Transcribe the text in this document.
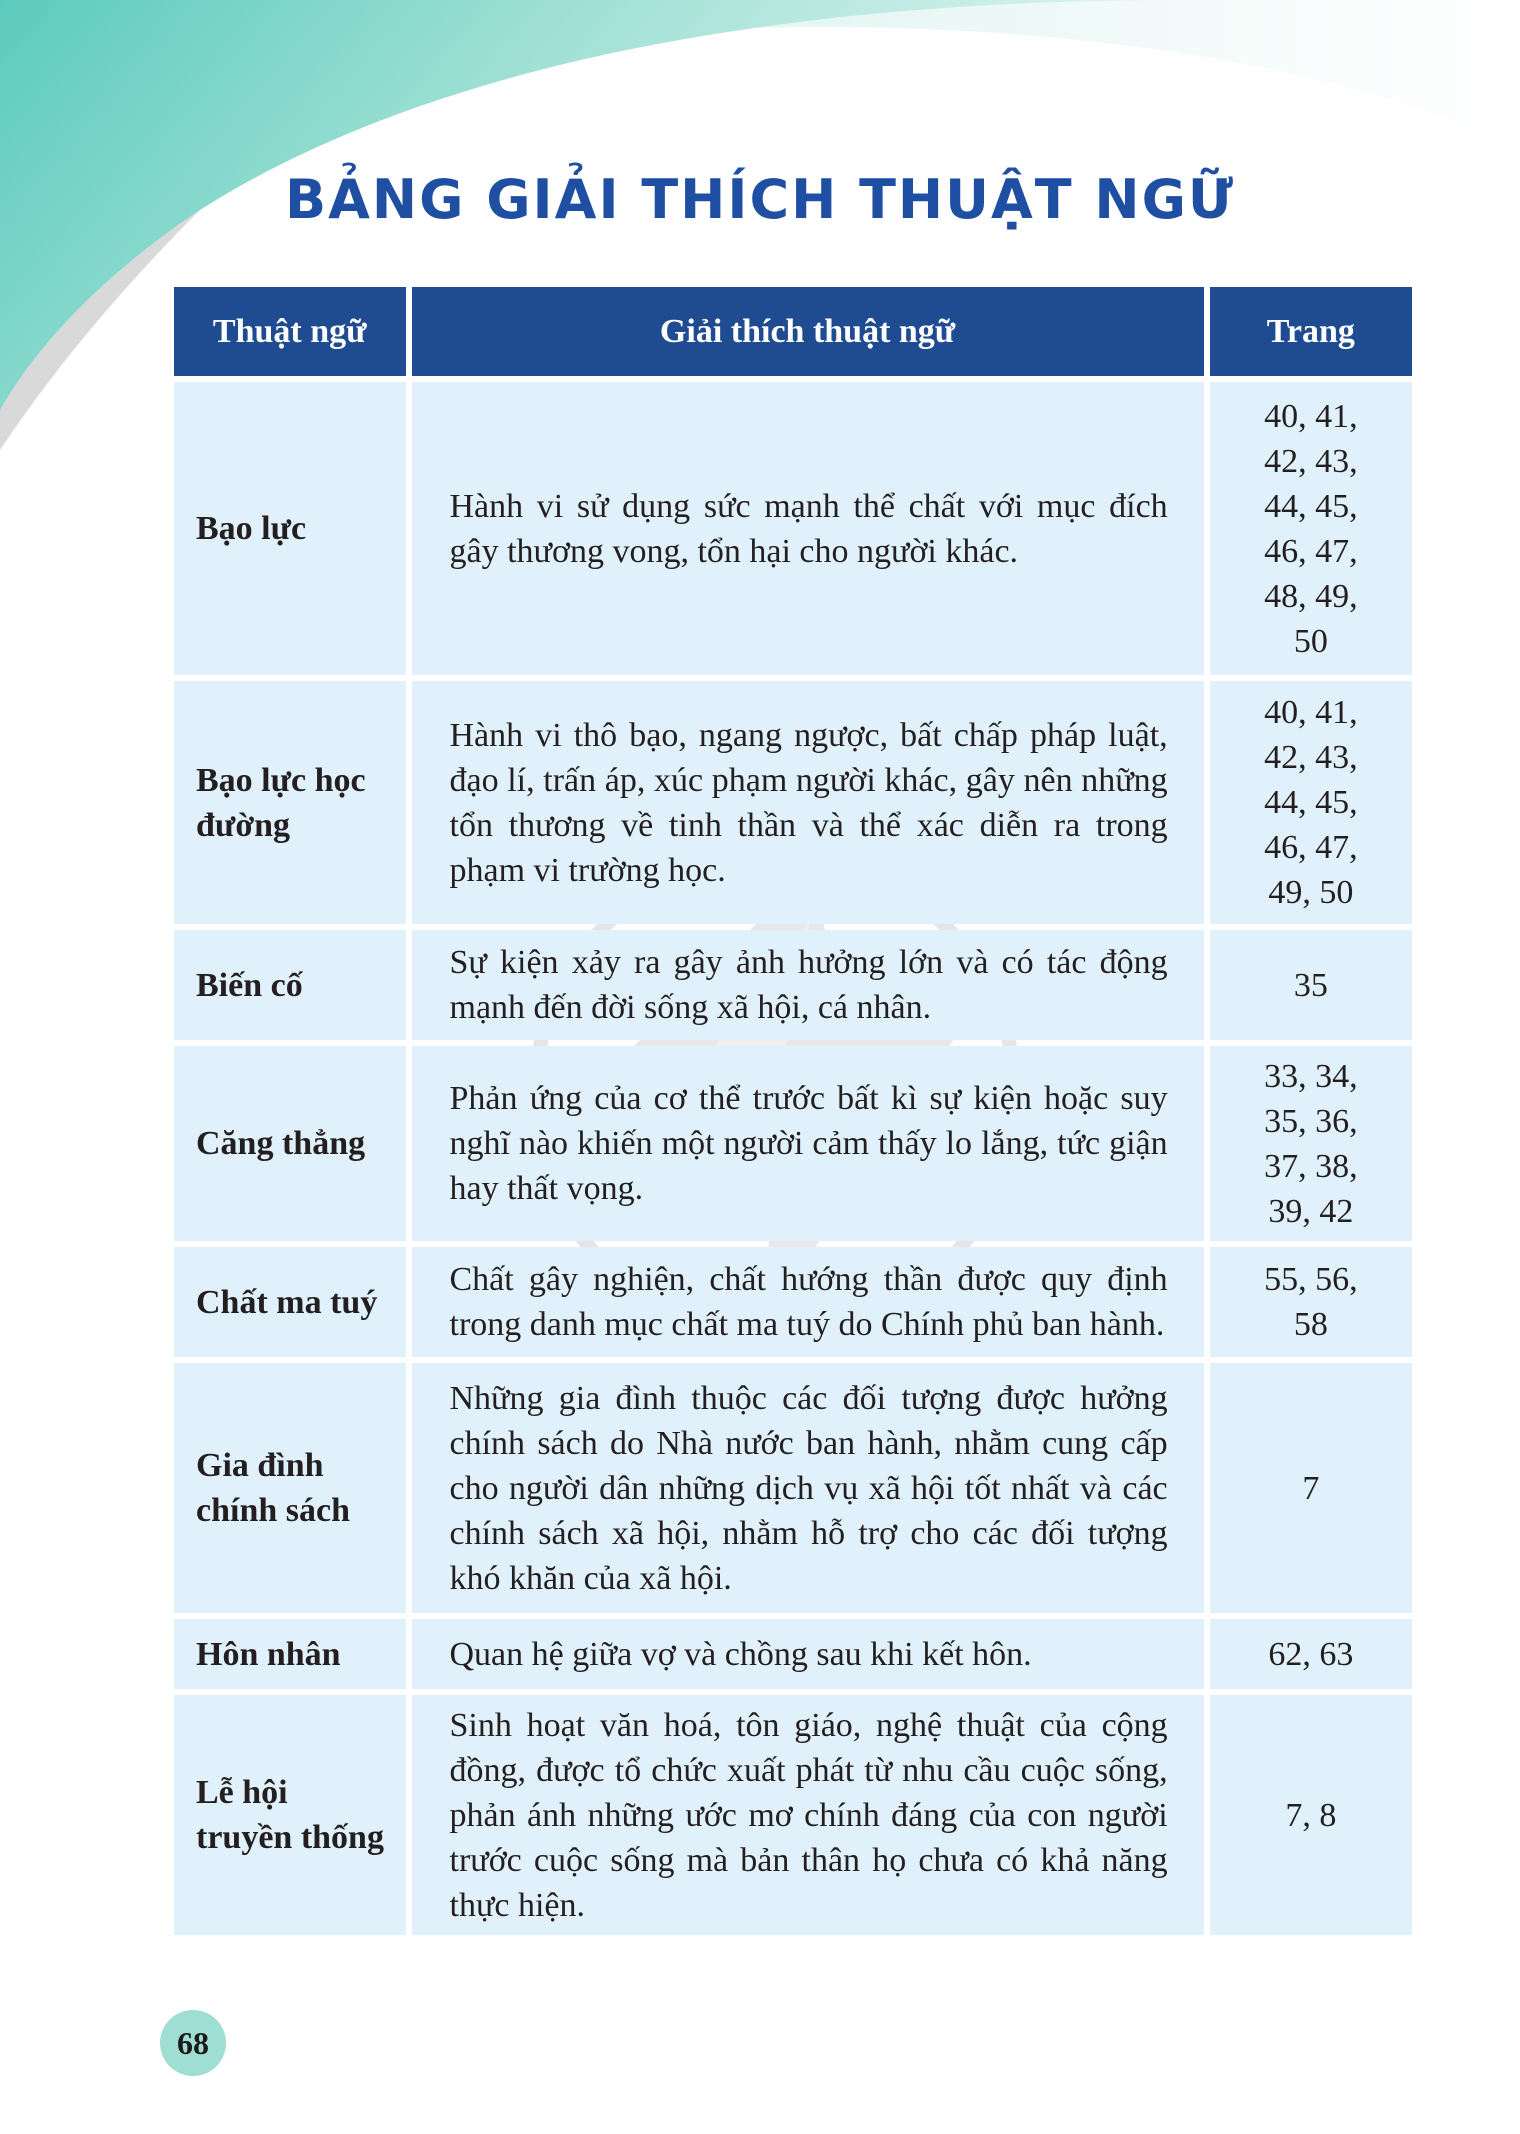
BẢNG GIẢI THÍCH THUẬT NGỮ
Thuật ngữ	Giải thích thuật ngữ	Trang

Bạo lực	Hành vi sử dụng sức mạnh thể chất với mục đích gây thương vong, tổn hại cho người khác.	40, 41, 42, 43, 44, 45, 46, 47, 48, 49, 50

Bạo lực học đường	Hành vi thô bạo, ngang ngược, bất chấp pháp luật, đạo lí, trấn áp, xúc phạm người khác, gây nên những tổn thương về tinh thần và thể xác diễn ra trong phạm vi trường học.	40, 41, 42, 43, 44, 45, 46, 47, 49, 50

Biến cố	Sự kiện xảy ra gây ảnh hưởng lớn và có tác động mạnh đến đời sống xã hội, cá nhân.	35

Căng thẳng	Phản ứng của cơ thể trước bất kì sự kiện hoặc suy nghĩ nào khiến một người cảm thấy lo lắng, tức giận hay thất vọng.	33, 34, 35, 36, 37, 38, 39, 42

Chất ma tuý	Chất gây nghiện, chất hướng thần được quy định trong danh mục chất ma tuý do Chính phủ ban hành.	55, 56, 58

Gia đình chính sách	Những gia đình thuộc các đối tượng được hưởng chính sách do Nhà nước ban hành, nhằm cung cấp cho người dân những dịch vụ xã hội tốt nhất và các chính sách xã hội, nhằm hỗ trợ cho các đối tượng khó khăn của xã hội.	7

Hôn nhân	Quan hệ giữa vợ và chồng sau khi kết hôn.	62, 63

Lễ hội truyền thống	Sinh hoạt văn hoá, tôn giáo, nghệ thuật của cộng đồng, được tổ chức xuất phát từ nhu cầu cuộc sống, phản ánh những ước mơ chính đáng của con người trước cuộc sống mà bản thân họ chưa có khả năng thực hiện.	7, 8
68
